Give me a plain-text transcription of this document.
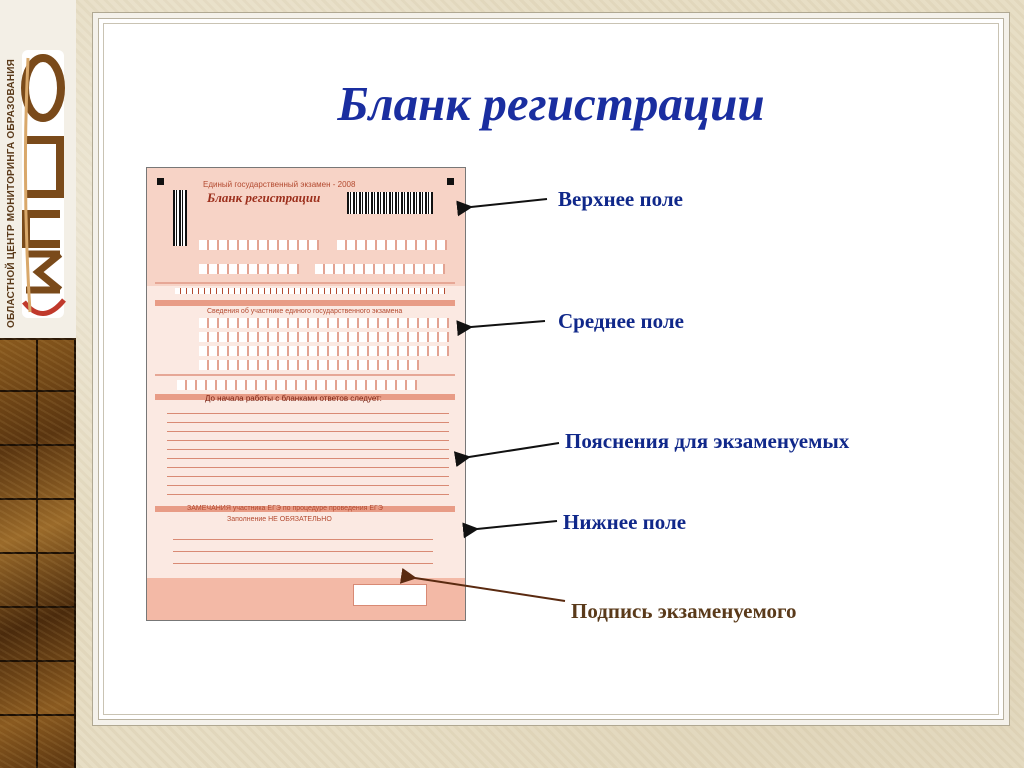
ОБЛАСТНОЙ ЦЕНТР МОНИТОРИНГА ОБРАЗОВАНИЯ	Бланк регистрации
Единый государственный экзамен - 2008
Бланк регистрации
Сведения об участнике единого государственного экзамена
До начала работы с бланками ответов следует:
ЗАМЕЧАНИЯ участника ЕГЭ по процедуре проведения ЕГЭ
Заполнение НЕ ОБЯЗАТЕЛЬНО
Верхнее поле
Среднее поле
Пояснения для экзаменуемых
Нижнее поле
Подпись экзаменуемого
